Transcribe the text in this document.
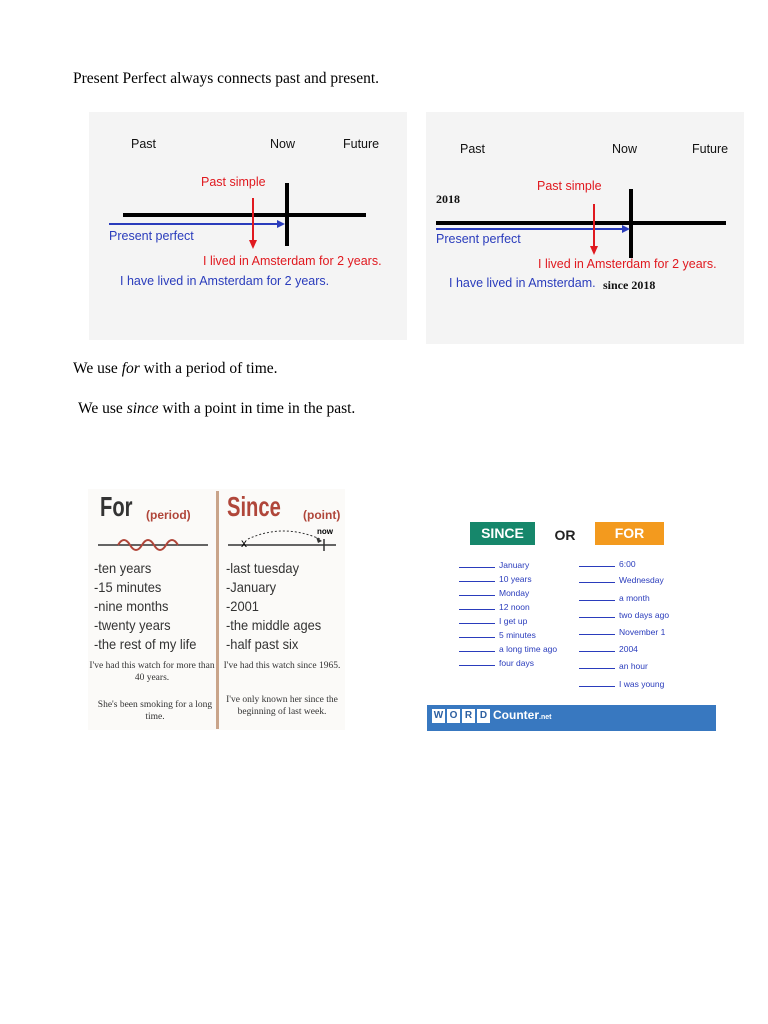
Present Perfect always connects past and present.
Past	Now	Future
Past simple
Present perfect
I lived in Amsterdam for 2 years.
I have lived in Amsterdam for 2 years.
Past	Now	Future
2018
Past simple
Present perfect
I lived in Amsterdam for 2 years.
I have lived in Amsterdam. since 2018
We use for with a period of time.
We use since with a point in time in the past.
For (period) Since (point)
x
now
-ten years
-15 minutes
-nine months
-twenty years
-the rest of my life
-last tuesday
-January
-2001
-the middle ages
-half past six
I've had this watch for more than 40 years.
She's been smoking for a long time.
I've had this watch since 1965.
I've only known her since the beginning of last week.
SINCE	OR	FOR
January
10 years
Monday
12 noon
I get up
5 minutes
a long time ago
four days
6:00
Wednesday
a month
two days ago
November 1
2004
an hour
I was young
W O R D Counter.net
